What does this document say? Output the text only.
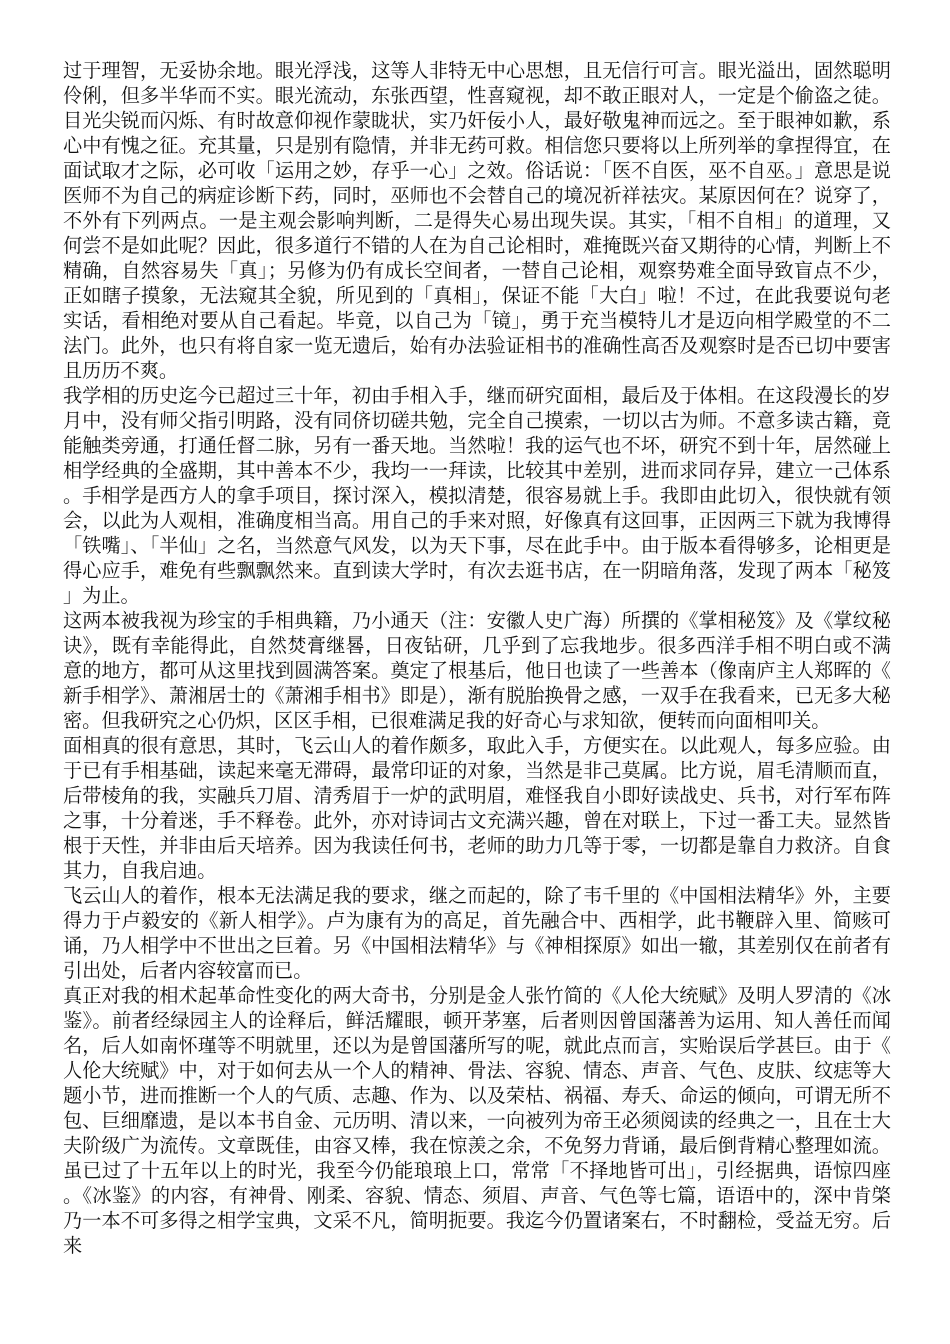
过于理智，无妥协余地。眼光浮浅，这等人非特无中心思想，且无信行可言。眼光溢出，固然聪明伶俐，但多半华而不实。眼光流动，东张西望，性喜窥视，却不敢正眼对人，一定是个偷盗之徒。目光尖锐而闪烁、有时故意仰视作蒙眬状，实乃奸佞小人，最好敬鬼神而远之。至于眼神如歉，系心中有愧之征。充其量，只是别有隐情，并非无药可救。相信您只要将以上所列举的拿捏得宜，在面试取才之际，必可收「运用之妙，存乎一心」之效。俗话说：「医不自医，巫不自巫。」意思是说医师不为自己的病症诊断下药，同时，巫师也不会替自己的境况祈祥祛灾。某原因何在？说穿了，不外有下列两点。一是主观会影响判断，二是得失心易出现失误。其实，「相不自相」的道理，又何尝不是如此呢？因此，很多道行不错的人在为自己论相时，难掩既兴奋又期待的心情，判断上不精确，自然容易失「真」；另修为仍有成长空间者，一替自己论相，观察势难全面导致盲点不少，正如瞎子摸象，无法窥其全貌，所见到的「真相」，保证不能「大白」啦！不过，在此我要说句老实话，看相绝对要从自己看起。毕竟，以自己为「镜」，勇于充当模特儿才是迈向相学殿堂的不二法门。此外，也只有将自家一览无遗后，始有办法验证相书的准确性高否及观察时是否已切中要害且历历不爽。

我学相的历史迄今已超过三十年，初由手相入手，继而研究面相，最后及于体相。在这段漫长的岁月中，没有师父指引明路，没有同侪切磋共勉，完全自己摸索，一切以古为师。不意多读古籍，竟能触类旁通，打通任督二脉，另有一番天地。当然啦！我的运气也不坏，研究不到十年，居然碰上相学经典的全盛期，其中善本不少，我均一一拜读，比较其中差别，进而求同存异，建立一己体系。手相学是西方人的拿手项目，探讨深入，模拟清楚，很容易就上手。我即由此切入，很快就有领会，以此为人观相，准确度相当高。用自己的手来对照，好像真有这回事，正因两三下就为我博得「铁嘴」、「半仙」之名，当然意气风发，以为天下事，尽在此手中。由于版本看得够多，论相更是得心应手，难免有些飘飘然来。直到读大学时，有次去逛书店，在一阴暗角落，发现了两本「秘笈」为止。

这两本被我视为珍宝的手相典籍，乃小通天（注：安徽人史广海）所撰的《掌相秘笈》及《掌纹秘诀》，既有幸能得此，自然焚膏继晷，日夜钻研，几乎到了忘我地步。很多西洋手相不明白或不满意的地方，都可从这里找到圆满答案。奠定了根基后，他日也读了一些善本（像南庐主人郑晖的《新手相学》、萧湘居士的《萧湘手相书》即是），渐有脱胎换骨之感，一双手在我看来，已无多大秘密。但我研究之心仍炽，区区手相，已很难满足我的好奇心与求知欲，便转而向面相叩关。

面相真的很有意思，其时，飞云山人的着作颇多，取此入手，方便实在。以此观人，每多应验。由于已有手相基础，读起来毫无滞碍，最常印证的对象，当然是非己莫属。比方说，眉毛清顺而直，后带棱角的我，实融兵刀眉、清秀眉于一炉的武明眉，难怪我自小即好读战史、兵书，对行军布阵之事，十分着迷，手不释卷。此外，亦对诗词古文充满兴趣，曾在对联上，下过一番工夫。显然皆根于天性，并非由后天培养。因为我读任何书，老师的助力几等于零，一切都是靠自力救济。自食其力，自我启迪。

飞云山人的着作，根本无法满足我的要求，继之而起的，除了韦千里的《中国相法精华》外，主要得力于卢毅安的《新人相学》。卢为康有为的高足，首先融合中、西相学，此书鞭辟入里、简赅可诵，乃人相学中不世出之巨着。另《中国相法精华》与《神相探原》如出一辙，其差别仅在前者有引出处，后者内容较富而已。

真正对我的相术起革命性变化的两大奇书，分别是金人张竹简的《人伦大统赋》及明人罗清的《冰鉴》。前者经绿园主人的诠释后，鲜活耀眼，顿开茅塞，后者则因曾国藩善为运用、知人善任而闻名，后人如南怀瑾等不明就里，还以为是曾国藩所写的呢，就此点而言，实贻误后学甚巨。由于《人伦大统赋》中，对于如何去从一个人的精神、骨法、容貌、情态、声音、气色、皮肤、纹痣等大题小节，进而推断一个人的气质、志趣、作为、以及荣枯、祸福、寿夭、命运的倾向，可谓无所不包、巨细靡遗，是以本书自金、元历明、清以来，一向被列为帝王必须阅读的经典之一，且在士大夫阶级广为流传。文章既佳，由容又棒，我在惊羡之余，不免努力背诵，最后倒背精心整理如流。虽已过了十五年以上的时光，我至今仍能琅琅上口，常常「不择地皆可出」，引经据典，语惊四座。《冰鉴》的内容，有神骨、刚柔、容貌、情态、须眉、声音、气色等七篇，语语中的，深中肯棨乃一本不可多得之相学宝典，文采不凡，简明扼要。我迄今仍置诸案右，不时翻检，受益无穷。后来
